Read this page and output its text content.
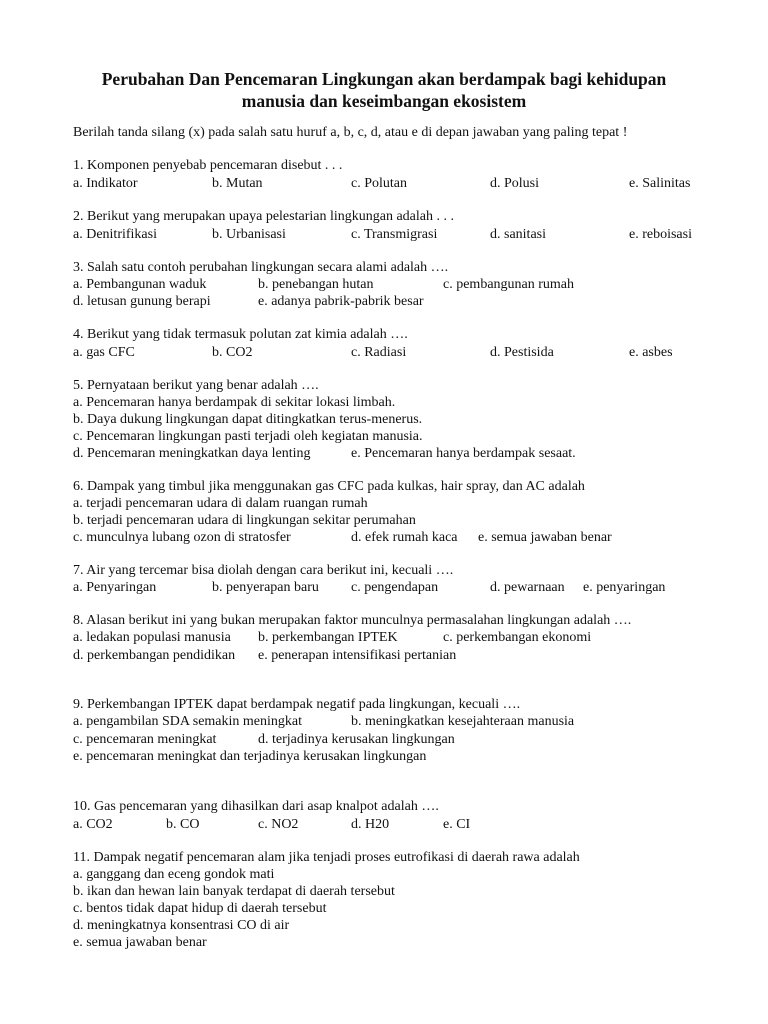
Perubahan Dan Pencemaran Lingkungan akan berdampak bagi kehidupan
manusia dan keseimbangan ekosistem
Berilah tanda silang (x) pada salah satu huruf a, b, c, d, atau e di depan jawaban yang paling tepat !
1. Komponen penyebab pencemaran disebut . . .
a. Indikator	b. Mutan	c. Polutan	d. Polusi	e. Salinitas
2. Berikut yang merupakan upaya pelestarian lingkungan adalah . . .
a. Denitrifikasi	b. Urbanisasi	c. Transmigrasi	d. sanitasi	e. reboisasi
3. Salah satu contoh perubahan lingkungan secara alami adalah ….
a. Pembangunan waduk	b. penebangan hutan	c. pembangunan rumah
d. letusan gunung berapi	e. adanya pabrik-pabrik besar
4. Berikut yang tidak termasuk polutan zat kimia adalah ….
a. gas CFC	b. CO2	c. Radiasi	d. Pestisida	e. asbes
5. Pernyataan berikut yang benar adalah ….
a. Pencemaran hanya berdampak di sekitar lokasi limbah.
b. Daya dukung lingkungan dapat ditingkatkan terus-menerus.
c. Pencemaran lingkungan pasti terjadi oleh kegiatan manusia.
d. Pencemaran meningkatkan daya lenting	e. Pencemaran hanya berdampak sesaat.
6. Dampak yang timbul jika menggunakan gas CFC pada kulkas, hair spray, dan AC adalah
a. terjadi pencemaran udara di dalam ruangan rumah
b. terjadi pencemaran udara di lingkungan sekitar perumahan
c. munculnya lubang ozon di stratosfer	d. efek rumah kaca e. semua jawaban benar
7. Air yang tercemar bisa diolah dengan cara berikut ini, kecuali ….
a. Penyaringan	b. penyerapan baru c. pengendapan	d. pewarnaan e. penyaringan
8. Alasan berikut ini yang bukan merupakan faktor munculnya permasalahan lingkungan adalah ….
a. ledakan populasi manusia b. perkembangan IPTEK	c. perkembangan ekonomi
d. perkembangan pendidikan e. penerapan intensifikasi pertanian
9. Perkembangan IPTEK dapat berdampak negatif pada lingkungan, kecuali ….
a. pengambilan SDA semakin meningkat	b. meningkatkan kesejahteraan manusia
c. pencemaran meningkat	d. terjadinya kerusakan lingkungan
e. pencemaran meningkat dan terjadinya kerusakan lingkungan
10. Gas pencemaran yang dihasilkan dari asap knalpot adalah ….
a. CO2	b. CO	c. NO2	d. H20	e. CI
11. Dampak negatif pencemaran alam jika tenjadi proses eutrofikasi di daerah rawa adalah
a. ganggang dan eceng gondok mati
b. ikan dan hewan lain banyak terdapat di daerah tersebut
c. bentos tidak dapat hidup di daerah tersebut
d. meningkatnya konsentrasi CO di air
e. semua jawaban benar
